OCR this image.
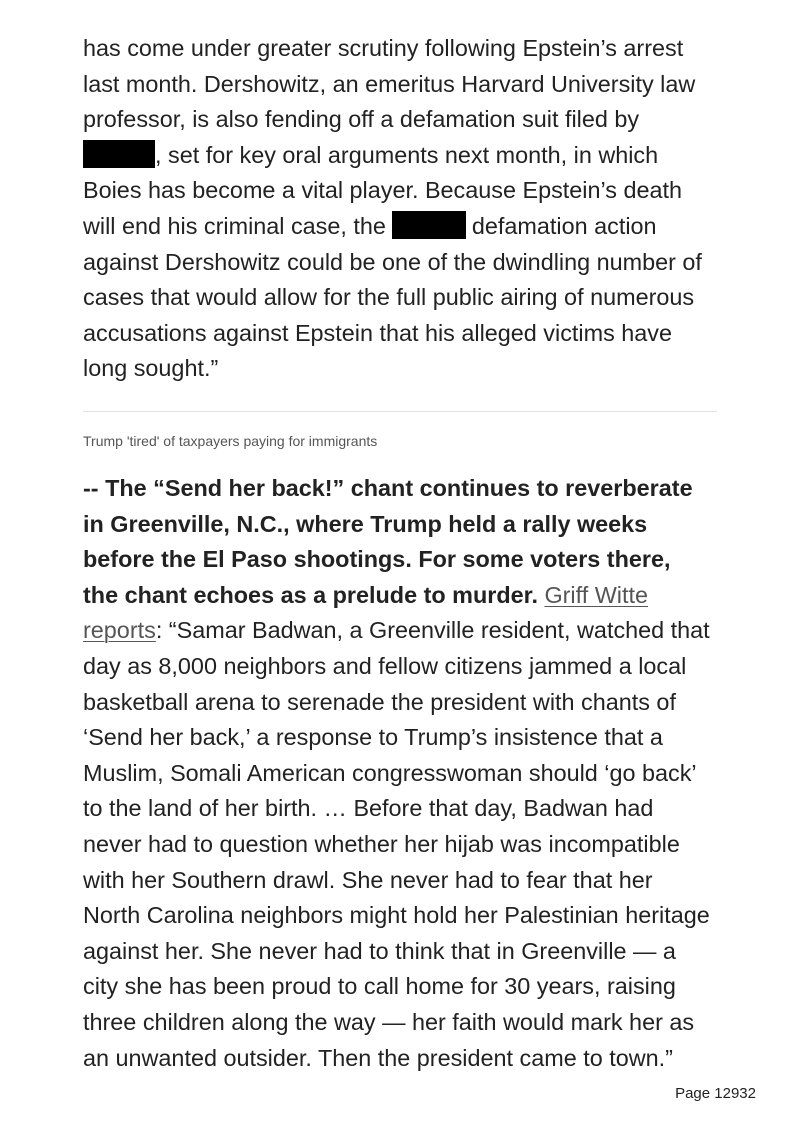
has come under greater scrutiny following Epstein’s arrest
last month. Dershowitz, an emeritus Harvard University law
professor, is also fending off a defamation suit filed by
, set for key oral arguments next month, in which
Boies has become a vital player. Because Epstein’s death
will end his criminal case, the	defamation action
against Dershowitz could be one of the dwindling number of
cases that would allow for the full public airing of numerous
accusations against Epstein that his alleged victims have
long sought.”
Trump 'tired' of taxpayers paying for immigrants
-- The “Send her back!” chant continues to reverberate
in Greenville, N.C., where Trump held a rally weeks
before the El Paso shootings. For some voters there,
the chant echoes as a prelude to murder. Griff Witte
reports: “Samar Badwan, a Greenville resident, watched that
day as 8,000 neighbors and fellow citizens jammed a local
basketball arena to serenade the president with chants of
‘Send her back,’ a response to Trump’s insistence that a
Muslim, Somali American congresswoman should ‘go back’
to the land of her birth. … Before that day, Badwan had
never had to question whether her hijab was incompatible
with her Southern drawl. She never had to fear that her
North Carolina neighbors might hold her Palestinian heritage
against her. She never had to think that in Greenville — a
city she has been proud to call home for 30 years, raising
three children along the way — her faith would mark her as
an unwanted outsider. Then the president came to town.”
Page 12932
